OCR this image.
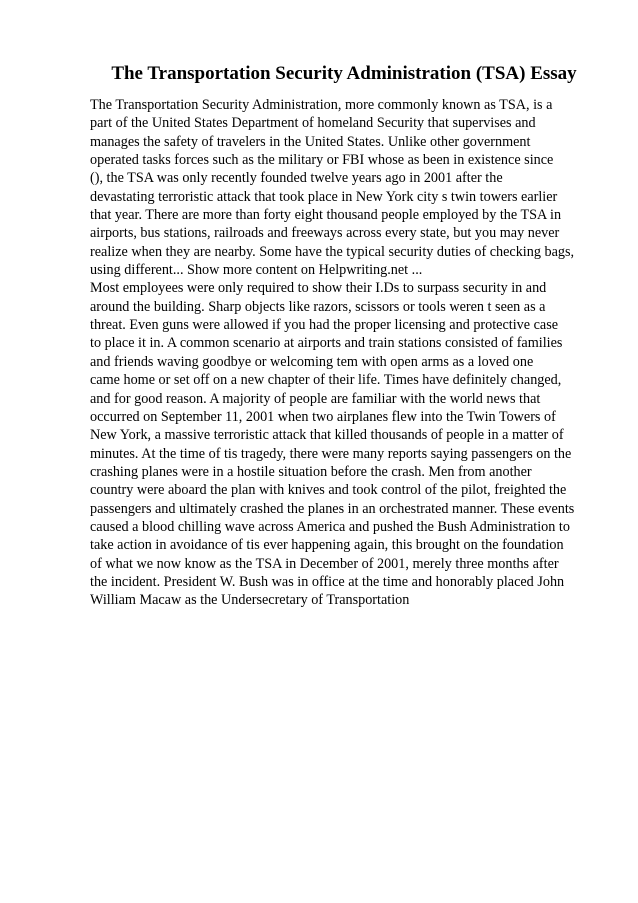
The Transportation Security Administration (TSA) Essay
The Transportation Security Administration, more commonly known as TSA, is a
part of the United States Department of homeland Security that supervises and
manages the safety of travelers in the United States. Unlike other government
operated tasks forces such as the military or FBI whose as been in existence since
(), the TSA was only recently founded twelve years ago in 2001 after the
devastating terroristic attack that took place in New York city s twin towers earlier
that year. There are more than forty eight thousand people employed by the TSA in
airports, bus stations, railroads and freeways across every state, but you may never
realize when they are nearby. Some have the typical security duties of checking bags,
using different... Show more content on Helpwriting.net ...
Most employees were only required to show their I.Ds to surpass security in and
around the building. Sharp objects like razors, scissors or tools weren t seen as a
threat. Even guns were allowed if you had the proper licensing and protective case
to place it in. A common scenario at airports and train stations consisted of families
and friends waving goodbye or welcoming tem with open arms as a loved one
came home or set off on a new chapter of their life. Times have definitely changed,
and for good reason. A majority of people are familiar with the world news that
occurred on September 11, 2001 when two airplanes flew into the Twin Towers of
New York, a massive terroristic attack that killed thousands of people in a matter of
minutes. At the time of tis tragedy, there were many reports saying passengers on the
crashing planes were in a hostile situation before the crash. Men from another
country were aboard the plan with knives and took control of the pilot, freighted the
passengers and ultimately crashed the planes in an orchestrated manner. These events
caused a blood chilling wave across America and pushed the Bush Administration to
take action in avoidance of tis ever happening again, this brought on the foundation
of what we now know as the TSA in December of 2001, merely three months after
the incident. President W. Bush was in office at the time and honorably placed John
William Macaw as the Undersecretary of Transportation
